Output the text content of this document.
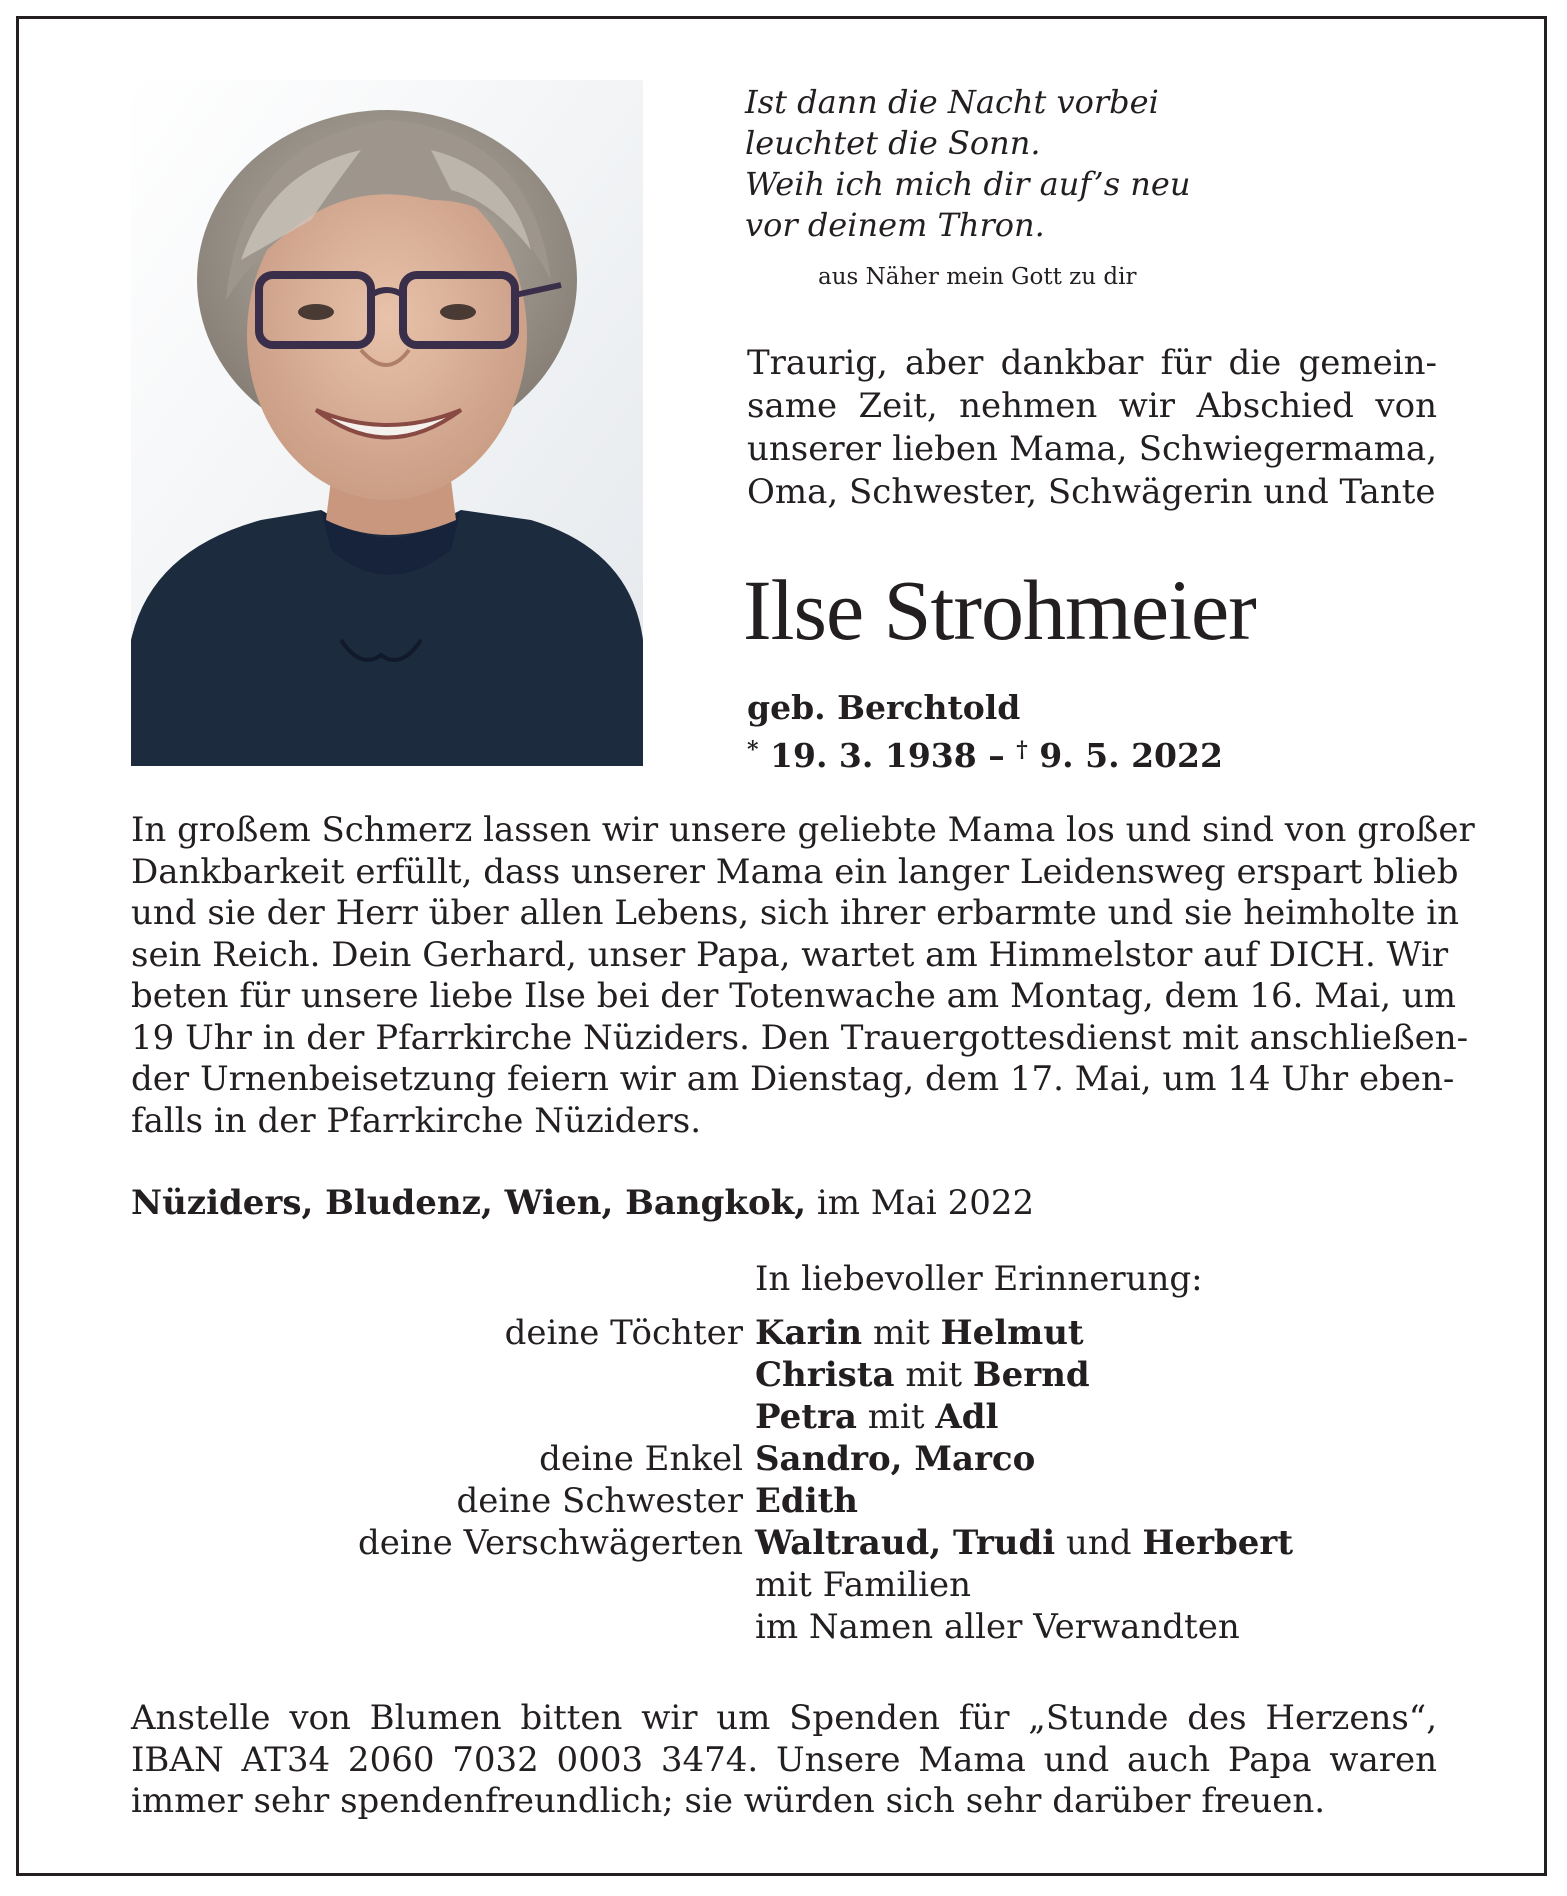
Ist dann die Nacht vorbei
leuchtet die Sonn.
Weih ich mich dir auf’s neu
vor deinem Thron.
aus Näher mein Gott zu dir
Traurig, aber dankbar für die gemein-
same Zeit, nehmen wir Abschied von
unserer lieben Mama, Schwiegermama,
Oma, Schwester, Schwägerin und Tante
Ilse Strohmeier
geb. Berchtold
* 19. 3. 1938 – † 9. 5. 2022
In großem Schmerz lassen wir unsere geliebte Mama los und sind von großer
Dankbarkeit erfüllt, dass unserer Mama ein langer Leidensweg erspart blieb
und sie der Herr über allen Lebens, sich ihrer erbarmte und sie heimholte in
sein Reich. Dein Gerhard, unser Papa, wartet am Himmelstor auf DICH. Wir
beten für unsere liebe Ilse bei der Totenwache am Montag, dem 16. Mai, um
19 Uhr in der Pfarrkirche Nüziders. Den Trauergottesdienst mit anschließen-
der Urnenbeisetzung feiern wir am Dienstag, dem 17. Mai, um 14 Uhr eben-
falls in der Pfarrkirche Nüziders.
Nüziders, Bludenz, Wien, Bangkok, im Mai 2022
In liebevoller Erinnerung:
deine Töchter Karin mit Helmut
Christa mit Bernd
Petra mit Adl
deine Enkel Sandro, Marco
deine Schwester Edith
deine Verschwägerten Waltraud, Trudi und Herbert
mit Familien
im Namen aller Verwandten
Anstelle von Blumen bitten wir um Spenden für „Stunde des Herzens“,
IBAN AT34 2060 7032 0003 3474. Unsere Mama und auch Papa waren
immer sehr spendenfreundlich; sie würden sich sehr darüber freuen.
